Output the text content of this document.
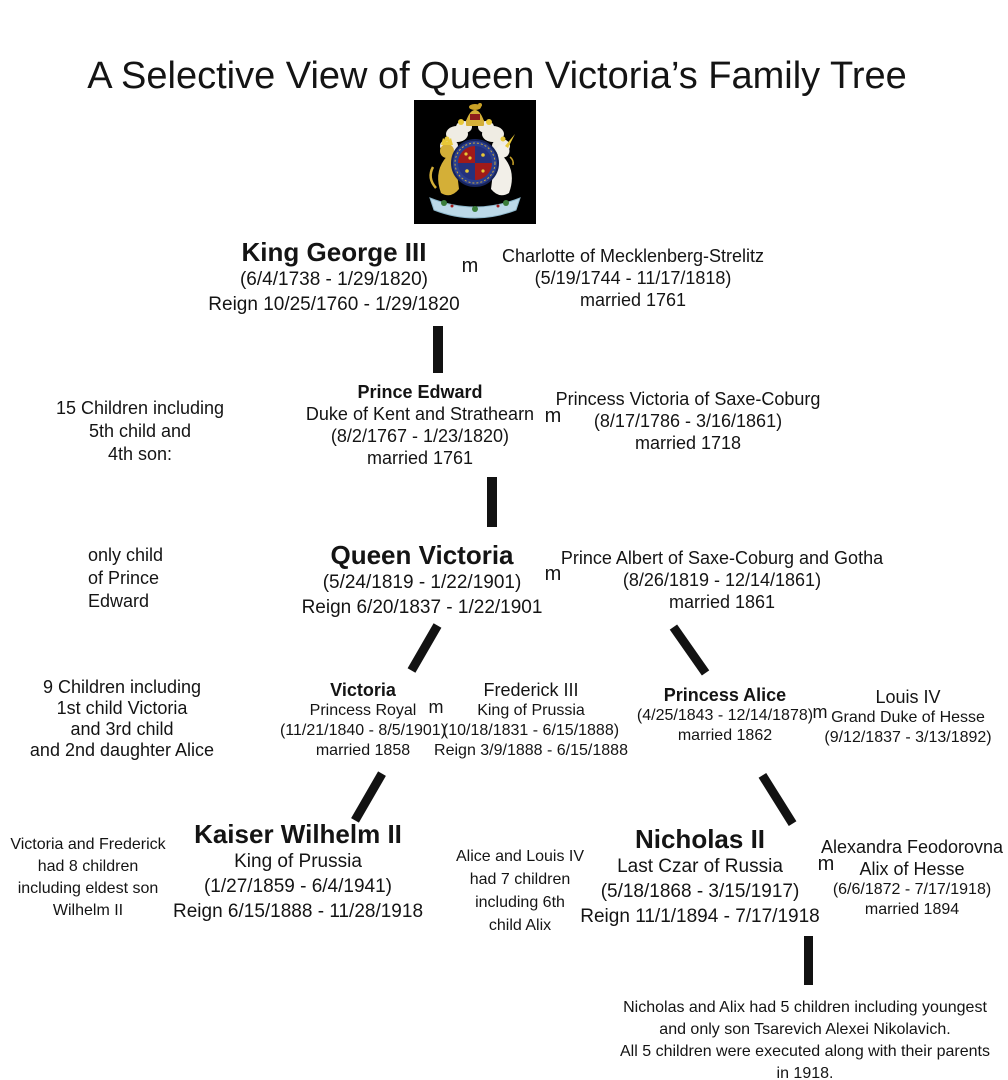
A Selective View of Queen Victoria’s Family Tree
King George III
(6/4/1738 - 1/29/1820)
Reign 10/25/1760 - 1/29/1820
m Charlotte of Mecklenberg-Strelitz
(5/19/1744 - 11/17/1818)
married 1761
15 Children including
5th child and
4th son:
Prince Edward
Duke of Kent and Strathearn
(8/2/1767 - 1/23/1820)
married 1761
m
Princess Victoria of Saxe-Coburg
(8/17/1786 - 3/16/1861)
married 1718
only child
of Prince
Edward
Queen Victoria
(5/24/1819 - 1/22/1901)
Reign 6/20/1837 - 1/22/1901
m
Prince Albert of Saxe-Coburg and Gotha
(8/26/1819 - 12/14/1861)
married 1861
9 Children including
1st child Victoria
and 3rd child
and 2nd daughter Alice
Victoria
Princess Royal
(11/21/1840 - 8/5/1901)
married 1858
m
Frederick III
King of Prussia
(10/18/1831 - 6/15/1888)
Reign 3/9/1888 - 6/15/1888
Princess Alice
(4/25/1843 - 12/14/1878)
married 1862
m
Louis IV
Grand Duke of Hesse
(9/12/1837 - 3/13/1892)
Victoria and Frederick
had 8 children
including eldest son
Wilhelm II
Kaiser Wilhelm II
King of Prussia
(1/27/1859 - 6/4/1941)
Reign 6/15/1888 - 11/28/1918
Alice and Louis IV
had 7 children
including 6th
child Alix
Nicholas II
Last Czar of Russia
(5/18/1868 - 3/15/1917)
Reign 11/1/1894 - 7/17/1918
m
Alexandra Feodorovna
Alix of Hesse
(6/6/1872 - 7/17/1918)
married 1894
Nicholas and Alix had 5 children including youngest
and only son Tsarevich Alexei Nikolavich.
All 5 children were executed along with their parents
in 1918.
